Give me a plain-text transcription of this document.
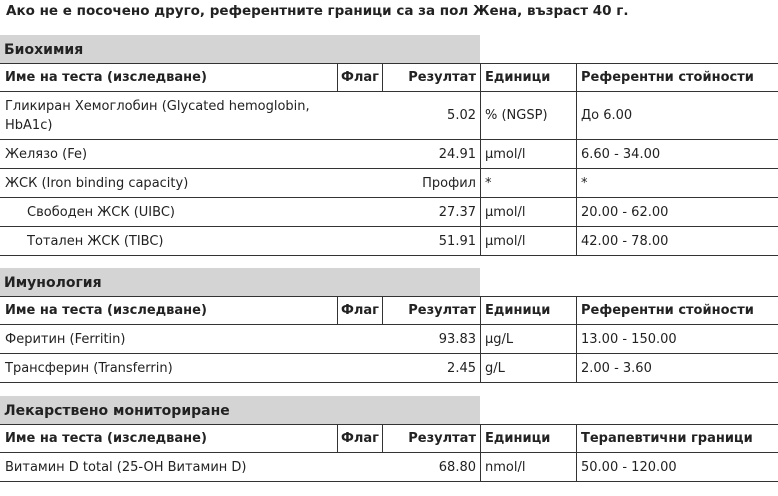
Ако не е посочено друго, референтните граници са за пол Жена, възраст 40 г.
Биохимия
Име на теста (изследване)	Флаг	Резултат Единици	Референтни стойности
Гликиран Хемоглобин (Glycated hemoglobin,
HbA1c)
5.02 % (NGSP)	До 6.00
Желязо (Fe)	24.91 µmol/l	6.60 - 34.00
ЖСК (Iron binding capacity)	Профил *	*
Свободен ЖСК (UIBC)	27.37 µmol/l	20.00 - 62.00
Тотален ЖСК (TIBC)	51.91 µmol/l	42.00 - 78.00
Имунология
Име на теста (изследване)	Флаг	Резултат Единици	Референтни стойности
Феритин (Ferritin)	93.83 µg/L	13.00 - 150.00
Трансферин (Transferrin)	2.45 g/L	2.00 - 3.60
Лекарствено мониториране
Име на теста (изследване)	Флаг	Резултат Единици	Терапевтични граници
Витамин D total (25-OH Витамин D)	68.80 nmol/l	50.00 - 120.00
